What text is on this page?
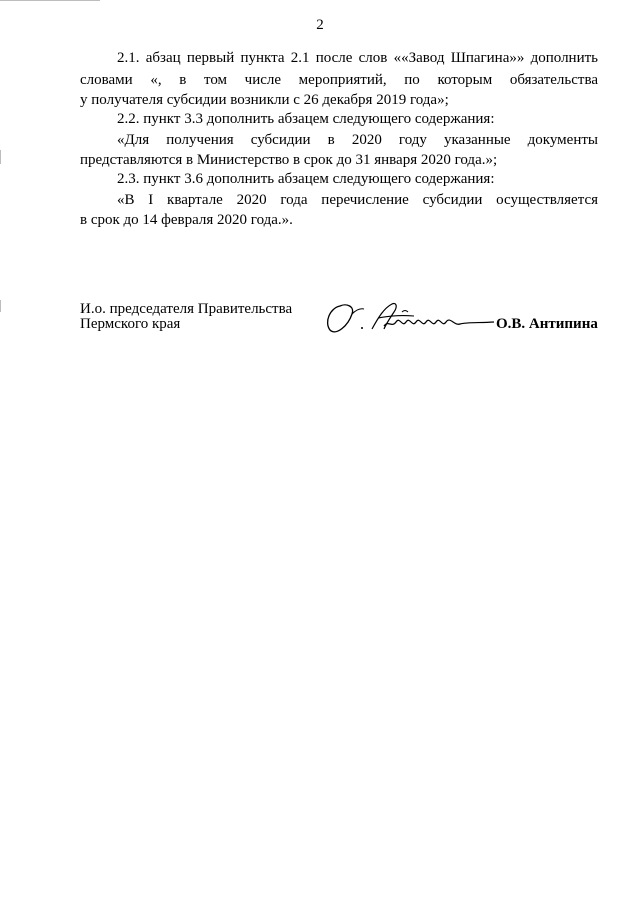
2
2.1. абзац первый пункта 2.1 после слов ««Завод Шпагина»» дополнить
словами «, в том числе мероприятий, по которым обязательства
у получателя субсидии возникли с 26 декабря 2019 года»;
2.2. пункт 3.3 дополнить абзацем следующего содержания:
«Для получения субсидии в 2020 году указанные документы
представляются в Министерство в срок до 31 января 2020 года.»;
2.3. пункт 3.6 дополнить абзацем следующего содержания:
«В I квартале 2020 года перечисление субсидии осуществляется
в срок до 14 февраля 2020 года.».
И.о. председателя Правительства
Пермского края	О.В. Антипина
